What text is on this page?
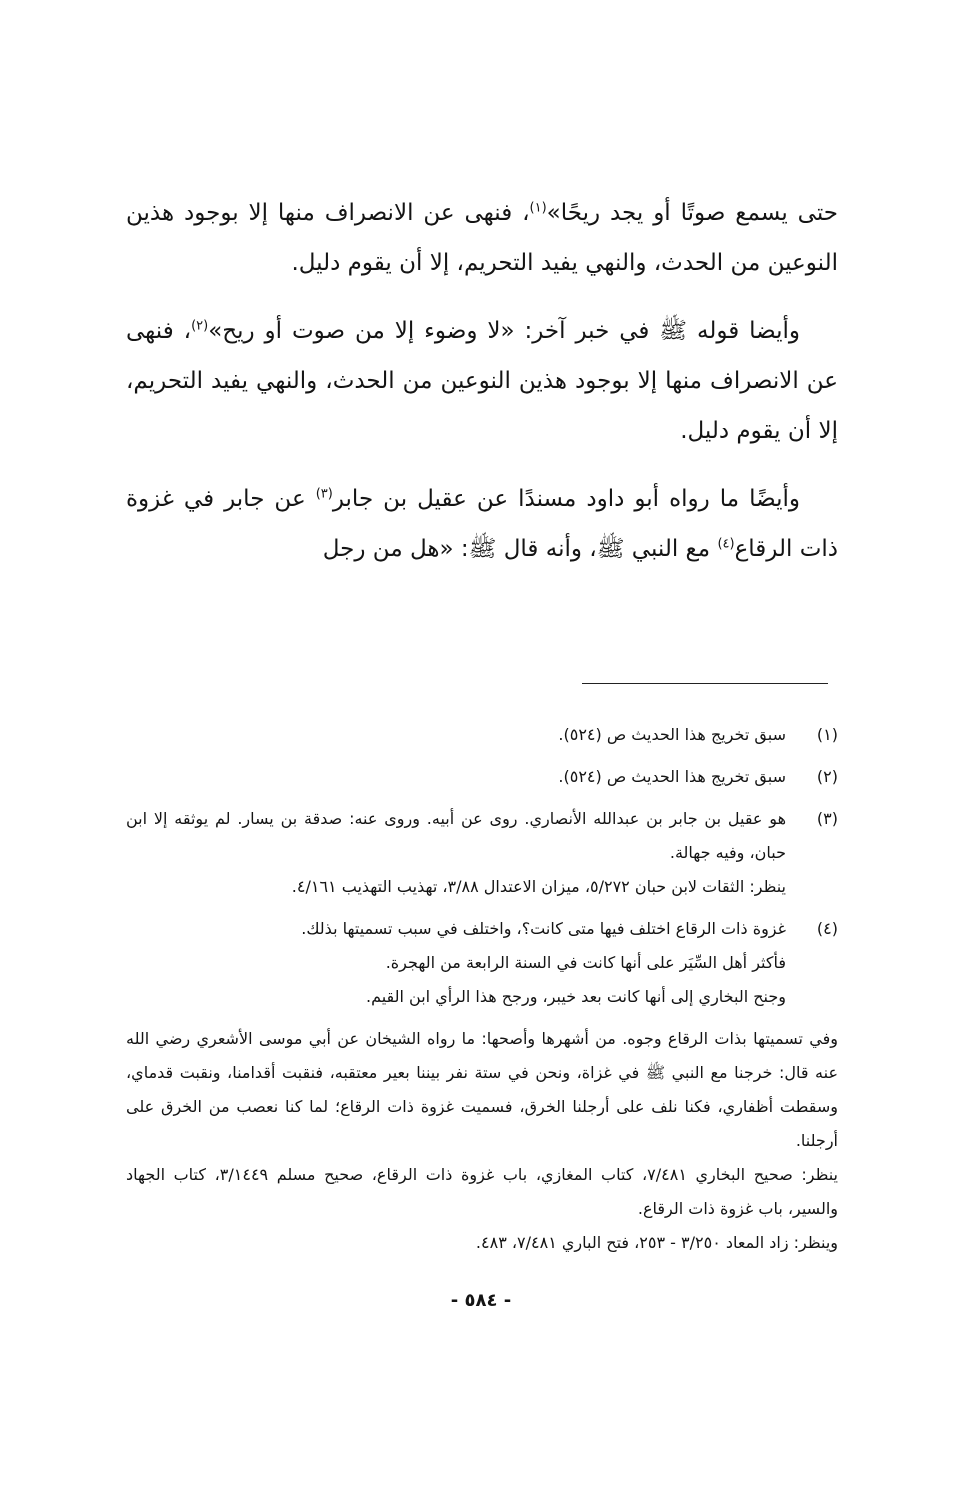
حتى يسمع صوتًا أو يجد ريحًا»$^{(١)}$، فنهى عن الانصراف منها إلا بوجود هذين النوعين من الحدث، والنهي يفيد التحريم، إلا أن يقوم دليل.

وأيضا قوله ﷺ في خبر آخر: «لا وضوء إلا من صوت أو ريح»$^{(٢)}$، فنهى عن الانصراف منها إلا بوجود هذين النوعين من الحدث، والنهي يفيد التحريم، إلا أن يقوم دليل.

وأيضًا ما رواه أبو داود مسندًا عن عقيل بن جابر$^{(٣)}$ عن جابر في غزوة ذات الرقاع$^{(٤)}$ مع النبي ﷺ، وأنه قال ﷺ: «هل من رجل

(١)
سبق تخريج هذا الحديث ص (٥٢٤).
(٢)
سبق تخريج هذا الحديث ص (٥٢٤).
(٣)
هو عقيل بن جابر بن عبدالله الأنصاري. روى عن أبيه. وروى عنه: صدقة بن يسار. لم يوثقه إلا ابن حبان، وفيه جهالة.
ينظر: الثقات لابن حبان ٥/٢٧٢، ميزان الاعتدال ٣/٨٨، تهذيب التهذيب ٤/١٦١.
(٤)
غزوة ذات الرقاع اختلف فيها متى كانت؟، واختلف في سبب تسميتها بذلك.
فأكثر أهل السِّيَر على أنها كانت في السنة الرابعة من الهجرة.
وجنح البخاري إلى أنها كانت بعد خيبر، ورجح هذا الرأي ابن القيم.
وفي تسميتها بذات الرقاع وجوه. من أشهرها وأصحها: ما رواه الشيخان عن أبي موسى الأشعري رضي الله عنه قال: خرجنا مع النبي ﷺ في غزاة، ونحن في ستة نفر بيننا بعير معتقبه، فنقبت أقدامنا، ونقبت قدماي، وسقطت أظفاري، فكنا نلف على أرجلنا الخرق، فسميت غزوة ذات الرقاع؛ لما كنا نعصب من الخرق على أرجلنا.
ينظر: صحيح البخاري ٧/٤٨١، كتاب المغازي، باب غزوة ذات الرقاع، صحيح مسلم ٣/١٤٤٩، كتاب الجهاد والسير، باب غزوة ذات الرقاع.
وينظر: زاد المعاد ٣/٢٥٠ - ٢٥٣، فتح الباري ٧/٤٨١، ٤٨٣.
- ٥٨٤ -
